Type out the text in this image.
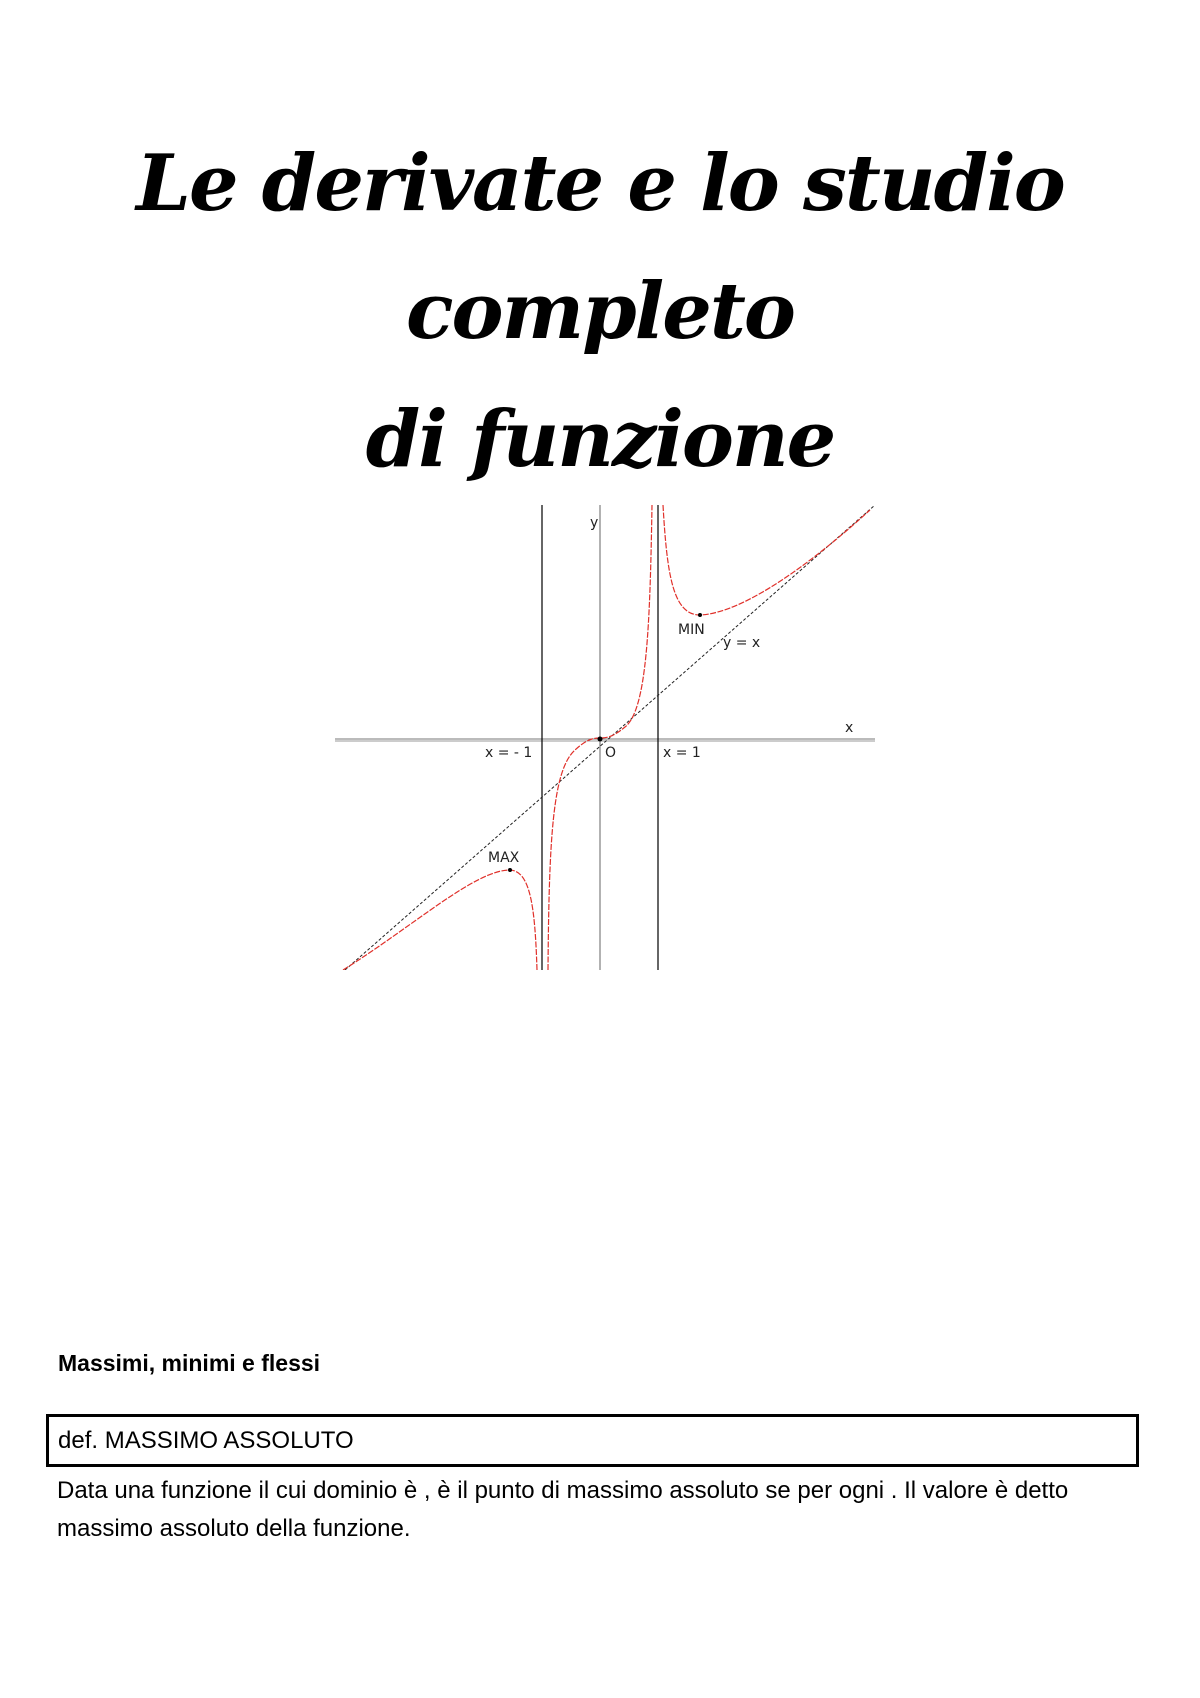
Le derivate e lo studio completo
di funzione
y
x
O
x = - 1	x = 1
y = x
MAX
MIN
Massimi, minimi e flessi
def. MASSIMO ASSOLUTO
Data una funzione il cui dominio è , è il punto di massimo assoluto se per ogni . Il valore è detto massimo assoluto della funzione.
